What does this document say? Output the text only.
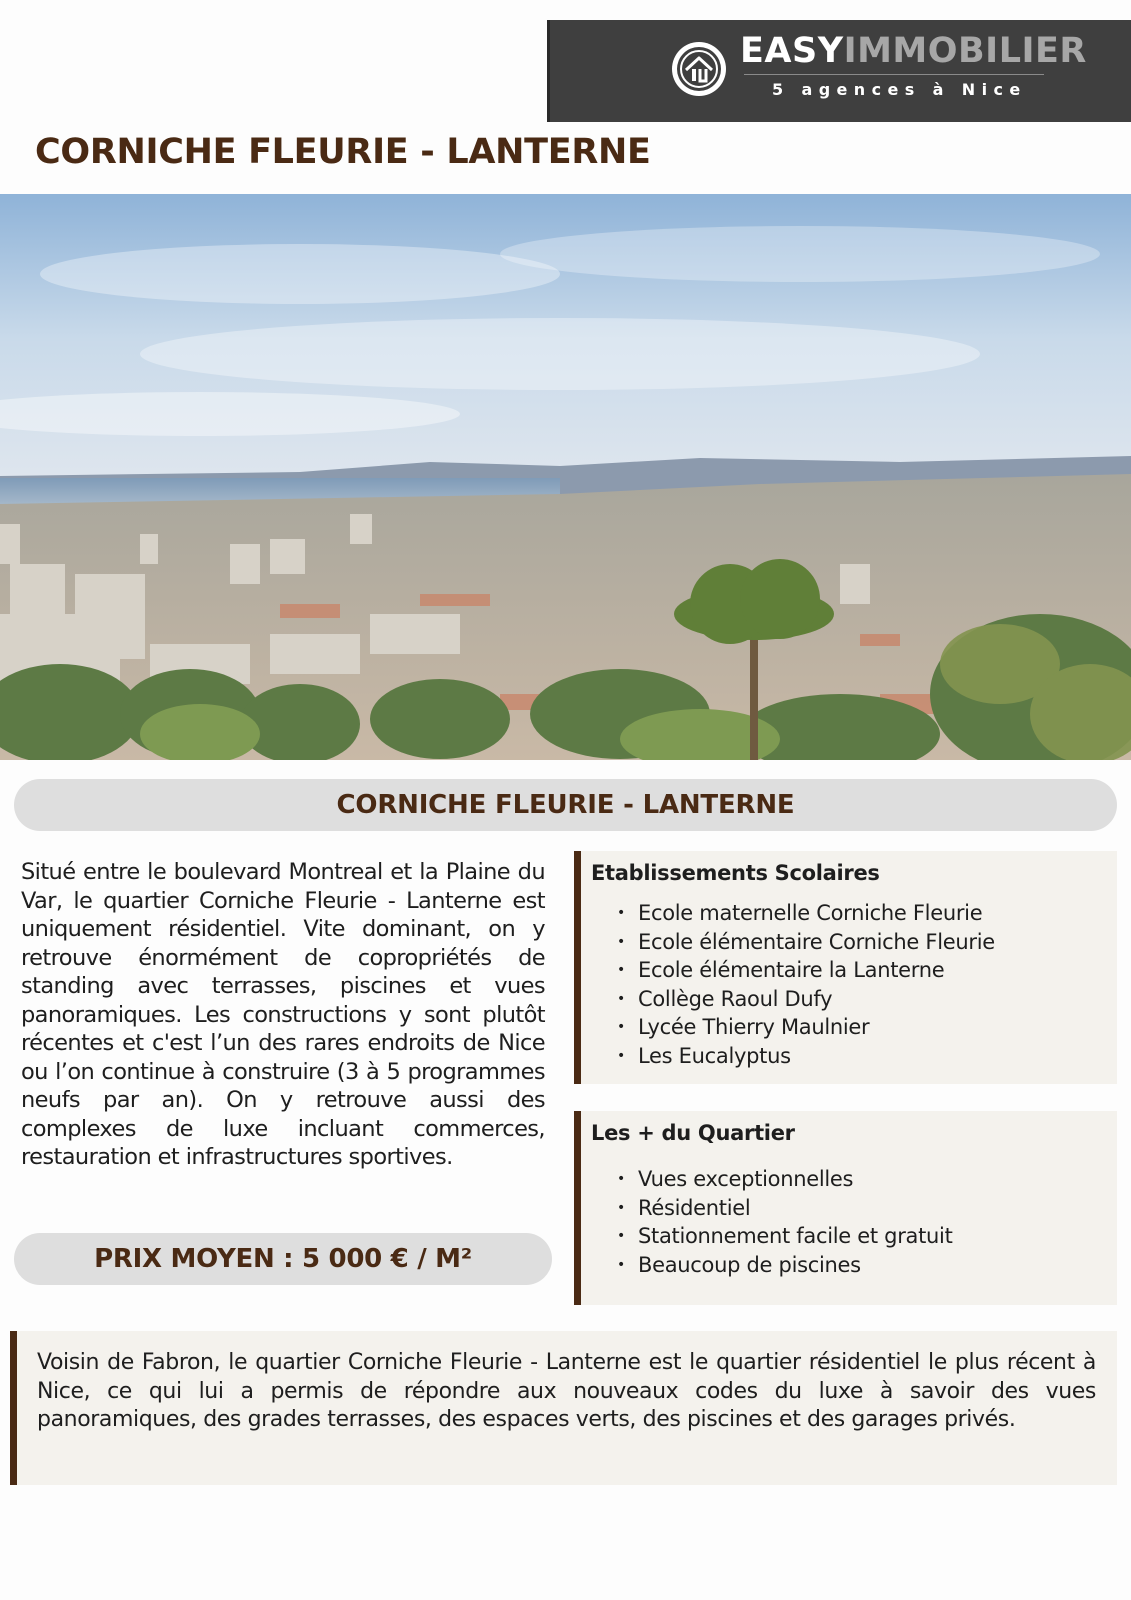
EASYIMMOBILIER
5 agences à Nice
CORNICHE FLEURIE - LANTERNE
CORNICHE FLEURIE - LANTERNE

Situé entre le boulevard Montreal et la Plaine du Var, le quartier Corniche Fleurie - Lanterne est uniquement résidentiel. Vite dominant, on y retrouve énormément de copropriétés de standing avec terrasses, piscines et vues panoramiques. Les constructions y sont plutôt récentes et c'est l’un des rares endroits de Nice ou l’on continue à construire (3 à 5 programmes neufs par an). On y retrouve aussi des complexes de luxe incluant commerces, restauration et infrastructures sportives.

PRIX MOYEN : 5 000 € / M²
Etablissements Scolaires
• Ecole maternelle Corniche Fleurie
• Ecole élémentaire Corniche Fleurie
• Ecole élémentaire la Lanterne
• Collège Raoul Dufy
• Lycée Thierry Maulnier
• Les Eucalyptus
Les + du Quartier
• Vues exceptionnelles
• Résidentiel
• Stationnement facile et gratuit
• Beaucoup de piscines

Voisin de Fabron, le quartier Corniche Fleurie - Lanterne est le quartier résidentiel le plus récent à Nice, ce qui lui a permis de répondre aux nouveaux codes du luxe à savoir des vues panoramiques, des grades terrasses, des espaces verts, des piscines et des garages privés.
